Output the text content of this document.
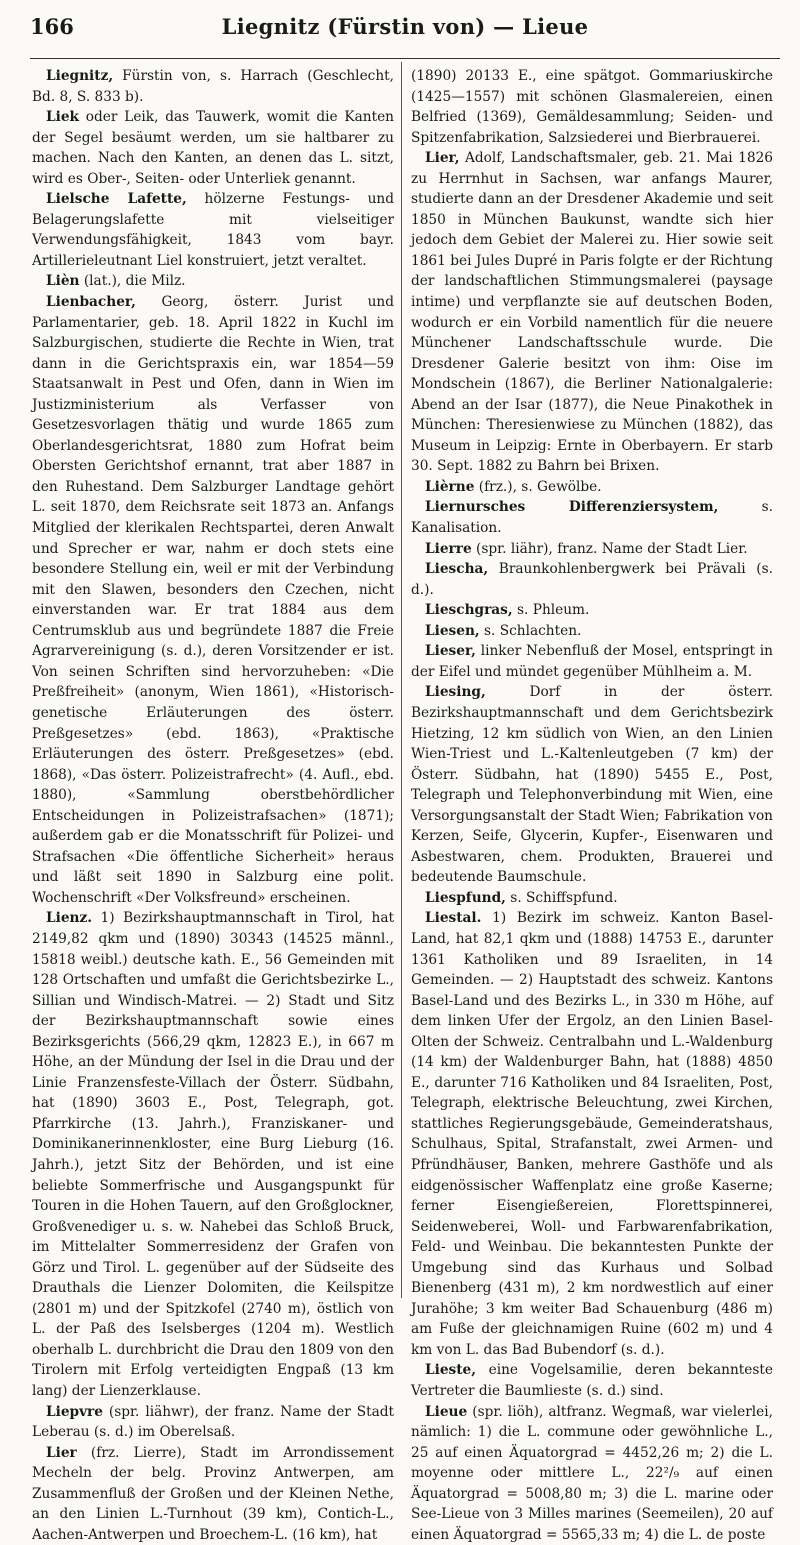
166	Liegnitz (Fürstin von) — Lieue

Liegnitz, Fürstin von, s. Harrach (Geschlecht, Bd. 8, S. 833 b).

Liek oder Leik, das Tauwerk, womit die Kanten der Segel besäumt werden, um sie haltbarer zu machen. Nach den Kanten, an denen das L. sitzt, wird es Ober-, Seiten- oder Unterliek genannt.

Lielsche Lafette, hölzerne Festungs- und Belagerungslafette mit vielseitiger Verwendungsfähigkeit, 1843 vom bayr. Artillerieleutnant Liel konstruiert, jetzt veraltet.

Lièn (lat.), die Milz.

Lienbacher, Georg, österr. Jurist und Parlamentarier, geb. 18. April 1822 in Kuchl im Salzburgischen, studierte die Rechte in Wien, trat dann in die Gerichtspraxis ein, war 1854—59 Staatsanwalt in Pest und Ofen, dann in Wien im Justizministerium als Verfasser von Gesetzesvorlagen thätig und wurde 1865 zum Oberlandesgerichtsrat, 1880 zum Hofrat beim Obersten Gerichtshof ernannt, trat aber 1887 in den Ruhestand. Dem Salzburger Landtage gehört L. seit 1870, dem Reichsrate seit 1873 an. Anfangs Mitglied der klerikalen Rechtspartei, deren Anwalt und Sprecher er war, nahm er doch stets eine besondere Stellung ein, weil er mit der Verbindung mit den Slawen, besonders den Czechen, nicht einverstanden war. Er trat 1884 aus dem Centrumsklub aus und begründete 1887 die Freie Agrarvereinigung (s. d.), deren Vorsitzender er ist. Von seinen Schriften sind hervorzuheben: «Die Preßfreiheit» (anonym, Wien 1861), «Historisch-genetische Erläuterungen des österr. Preßgesetzes» (ebd. 1863), «Praktische Erläuterungen des österr. Preßgesetzes» (ebd. 1868), «Das österr. Polizeistrafrecht» (4. Aufl., ebd. 1880), «Sammlung oberstbehördlicher Entscheidungen in Polizeistrafsachen» (1871); außerdem gab er die Monatsschrift für Polizei- und Strafsachen «Die öffentliche Sicherheit» heraus und läßt seit 1890 in Salzburg eine polit. Wochenschrift «Der Volksfreund» erscheinen.

Lienz. 1) Bezirkshauptmannschaft in Tirol, hat 2149,82 qkm und (1890) 30343 (14525 männl., 15818 weibl.) deutsche kath. E., 56 Gemeinden mit 128 Ortschaften und umfaßt die Gerichtsbezirke L., Sillian und Windisch-Matrei. — 2) Stadt und Sitz der Bezirkshauptmannschaft sowie eines Bezirksgerichts (566,29 qkm, 12823 E.), in 667 m Höhe, an der Mündung der Isel in die Drau und der Linie Franzensfeste-Villach der Österr. Südbahn, hat (1890) 3603 E., Post, Telegraph, got. Pfarrkirche (13. Jahrh.), Franziskaner- und Dominikanerinnenkloster, eine Burg Lieburg (16. Jahrh.), jetzt Sitz der Behörden, und ist eine beliebte Sommerfrische und Ausgangspunkt für Touren in die Hohen Tauern, auf den Großglockner, Großvenediger u. s. w. Nahebei das Schloß Bruck, im Mittelalter Sommerresidenz der Grafen von Görz und Tirol. L. gegenüber auf der Südseite des Drauthals die Lienzer Dolomiten, die Keilspitze (2801 m) und der Spitzkofel (2740 m), östlich von L. der Paß des Iselsberges (1204 m). Westlich oberhalb L. durchbricht die Drau den 1809 von den Tirolern mit Erfolg verteidigten Engpaß (13 km lang) der Lienzerklause.

Liepvre (spr. liähwr), der franz. Name der Stadt Leberau (s. d.) im Oberelsaß.

Lier (frz. Lierre), Stadt im Arrondissement Mecheln der belg. Provinz Antwerpen, am Zusammenfluß der Großen und der Kleinen Nethe, an den Linien L.-Turnhout (39 km), Contich-L., Aachen-Antwerpen und Broechem-L. (16 km), hat

(1890) 20133 E., eine spätgot. Gommariuskirche (1425—1557) mit schönen Glasmalereien, einen Belfried (1369), Gemäldesammlung; Seiden- und Spitzenfabrikation, Salzsiederei und Bierbrauerei.

Lier, Adolf, Landschaftsmaler, geb. 21. Mai 1826 zu Herrnhut in Sachsen, war anfangs Maurer, studierte dann an der Dresdener Akademie und seit 1850 in München Baukunst, wandte sich hier jedoch dem Gebiet der Malerei zu. Hier sowie seit 1861 bei Jules Dupré in Paris folgte er der Richtung der landschaftlichen Stimmungsmalerei (paysage intime) und verpflanzte sie auf deutschen Boden, wodurch er ein Vorbild namentlich für die neuere Münchener Landschaftsschule wurde. Die Dresdener Galerie besitzt von ihm: Oise im Mondschein (1867), die Berliner Nationalgalerie: Abend an der Isar (1877), die Neue Pinakothek in München: Theresienwiese zu München (1882), das Museum in Leipzig: Ernte in Oberbayern. Er starb 30. Sept. 1882 zu Bahrn bei Brixen.

Lièrne (frz.), s. Gewölbe.

Liernursches Differenziersystem, s. Kanalisation.

Lierre (spr. liähr), franz. Name der Stadt Lier.

Liescha, Braunkohlenbergwerk bei Prävali (s. d.).

Lieschgras, s. Phleum.

Liesen, s. Schlachten.

Lieser, linker Nebenfluß der Mosel, entspringt in der Eifel und mündet gegenüber Mühlheim a. M.

Liesing, Dorf in der österr. Bezirkshauptmannschaft und dem Gerichtsbezirk Hietzing, 12 km südlich von Wien, an den Linien Wien-Triest und L.-Kaltenleutgeben (7 km) der Österr. Südbahn, hat (1890) 5455 E., Post, Telegraph und Telephonverbindung mit Wien, eine Versorgungsanstalt der Stadt Wien; Fabrikation von Kerzen, Seife, Glycerin, Kupfer-, Eisenwaren und Asbestwaren, chem. Produkten, Brauerei und bedeutende Baumschule.

Liespfund, s. Schiffspfund.

Liestal. 1) Bezirk im schweiz. Kanton Basel-Land, hat 82,1 qkm und (1888) 14753 E., darunter 1361 Katholiken und 89 Israeliten, in 14 Gemeinden. — 2) Hauptstadt des schweiz. Kantons Basel-Land und des Bezirks L., in 330 m Höhe, auf dem linken Ufer der Ergolz, an den Linien Basel-Olten der Schweiz. Centralbahn und L.-Waldenburg (14 km) der Waldenburger Bahn, hat (1888) 4850 E., darunter 716 Katholiken und 84 Israeliten, Post, Telegraph, elektrische Beleuchtung, zwei Kirchen, stattliches Regierungsgebäude, Gemeinderatshaus, Schulhaus, Spital, Strafanstalt, zwei Armen- und Pfründhäuser, Banken, mehrere Gasthöfe und als eidgenössischer Waffenplatz eine große Kaserne; ferner Eisengießereien, Florettspinnerei, Seidenweberei, Woll- und Farbwarenfabrikation, Feld- und Weinbau. Die bekanntesten Punkte der Umgebung sind das Kurhaus und Solbad Bienenberg (431 m), 2 km nordwestlich auf einer Jurahöhe; 3 km weiter Bad Schauenburg (486 m) am Fuße der gleichnamigen Ruine (602 m) und 4 km von L. das Bad Bubendorf (s. d.).

Lieste, eine Vogelsamilie, deren bekannteste Vertreter die Baumlieste (s. d.) sind.

Lieue (spr. liöh), altfranz. Wegmaß, war vielerlei, nämlich: 1) die L. commune oder gewöhnliche L., 25 auf einen Äquatorgrad = 4452,26 m; 2) die L. moyenne oder mittlere L., 22²/₉ auf einen Äquatorgrad = 5008,80 m; 3) die L. marine oder See-Lieue von 3 Milles marines (Seemeilen), 20 auf einen Äquatorgrad = 5565,33 m; 4) die L. de poste
